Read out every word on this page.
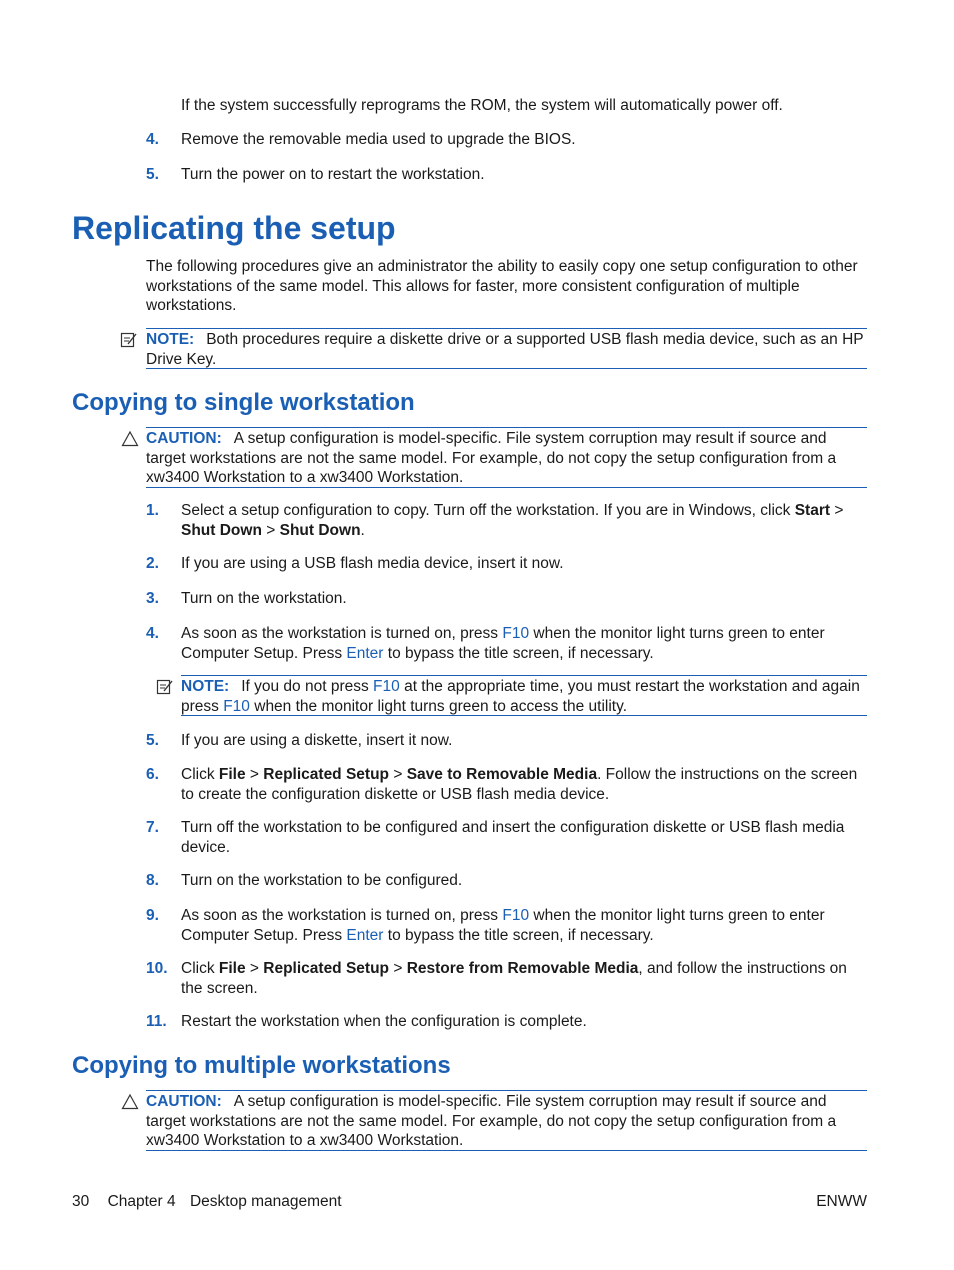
If the system successfully reprograms the ROM, the system will automatically power off.
4. Remove the removable media used to upgrade the BIOS.
5. Turn the power on to restart the workstation.
Replicating the setup
The following procedures give an administrator the ability to easily copy one setup configuration to other workstations of the same model. This allows for faster, more consistent configuration of multiple workstations.
NOTE: Both procedures require a diskette drive or a supported USB flash media device, such as an HP Drive Key.
Copying to single workstation
CAUTION: A setup configuration is model-specific. File system corruption may result if source and target workstations are not the same model. For example, do not copy the setup configuration from a xw3400 Workstation to a xw3400 Workstation.
1. Select a setup configuration to copy. Turn off the workstation. If you are in Windows, click Start > Shut Down > Shut Down.
2. If you are using a USB flash media device, insert it now.
3. Turn on the workstation.
4. As soon as the workstation is turned on, press F10 when the monitor light turns green to enter Computer Setup. Press Enter to bypass the title screen, if necessary.
NOTE: If you do not press F10 at the appropriate time, you must restart the workstation and again press F10 when the monitor light turns green to access the utility.
5. If you are using a diskette, insert it now.
6. Click File > Replicated Setup > Save to Removable Media. Follow the instructions on the screen to create the configuration diskette or USB flash media device.
7. Turn off the workstation to be configured and insert the configuration diskette or USB flash media device.
8. Turn on the workstation to be configured.
9. As soon as the workstation is turned on, press F10 when the monitor light turns green to enter Computer Setup. Press Enter to bypass the title screen, if necessary.
10. Click File > Replicated Setup > Restore from Removable Media, and follow the instructions on the screen.
11. Restart the workstation when the configuration is complete.
Copying to multiple workstations
CAUTION: A setup configuration is model-specific. File system corruption may result if source and target workstations are not the same model. For example, do not copy the setup configuration from a xw3400 Workstation to a xw3400 Workstation.
30 Chapter 4 Desktop management	ENWW
